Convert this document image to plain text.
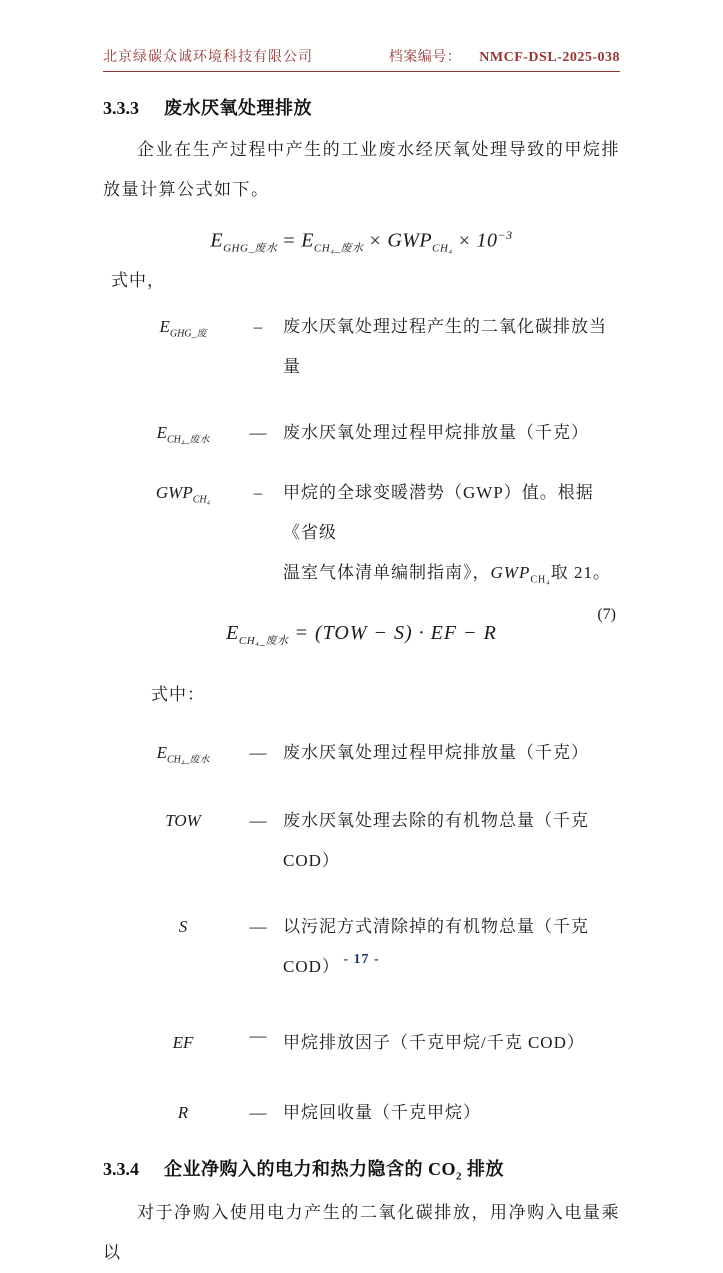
北京绿碳众诚环境科技有限公司	档案编号： NMCF-DSL-2025-038
3.3.3 废水厌氧处理排放

企业在生产过程中产生的工业废水经厌氧处理导致的甲烷排放量计算公式如下。

$E_{GHG\_废水} = E_{CH_4\_废水} \times GWP_{CH_4} \times 10^{-3}$

式中，

$E_{GHG\_废}$	–	废水厌氧处理过程产生的二氧化碳排放当量
$E_{CH_4\_废水}$	— 废水厌氧处理过程甲烷排放量（千克）
$GWP_{CH_4}$	–	甲烷的全球变暖潜势（GWP）值。根据《省级
温室气体清单编制指南》，$GWP_{CH_4}$取 21。
(7)
$E_{CH_4\_废水} = (TOW - S)$ · EF − R

式中：

$E_{CH_4\_废水}$	— 废水厌氧处理过程甲烷排放量（千克）
TOW	— 废水厌氧处理去除的有机物总量（千克 COD）
S	— 以污泥方式清除掉的有机物总量（千克 COD）
EF	— 甲烷排放因子（千克甲烷/千克 COD）
R	— 甲烷回收量（千克甲烷）
3.3.4 企业净购入的电力和热力隐含的 $CO_2$ 排放

对于净购入使用电力产生的二氧化碳排放，用净购入电量乘以

- 17 -
